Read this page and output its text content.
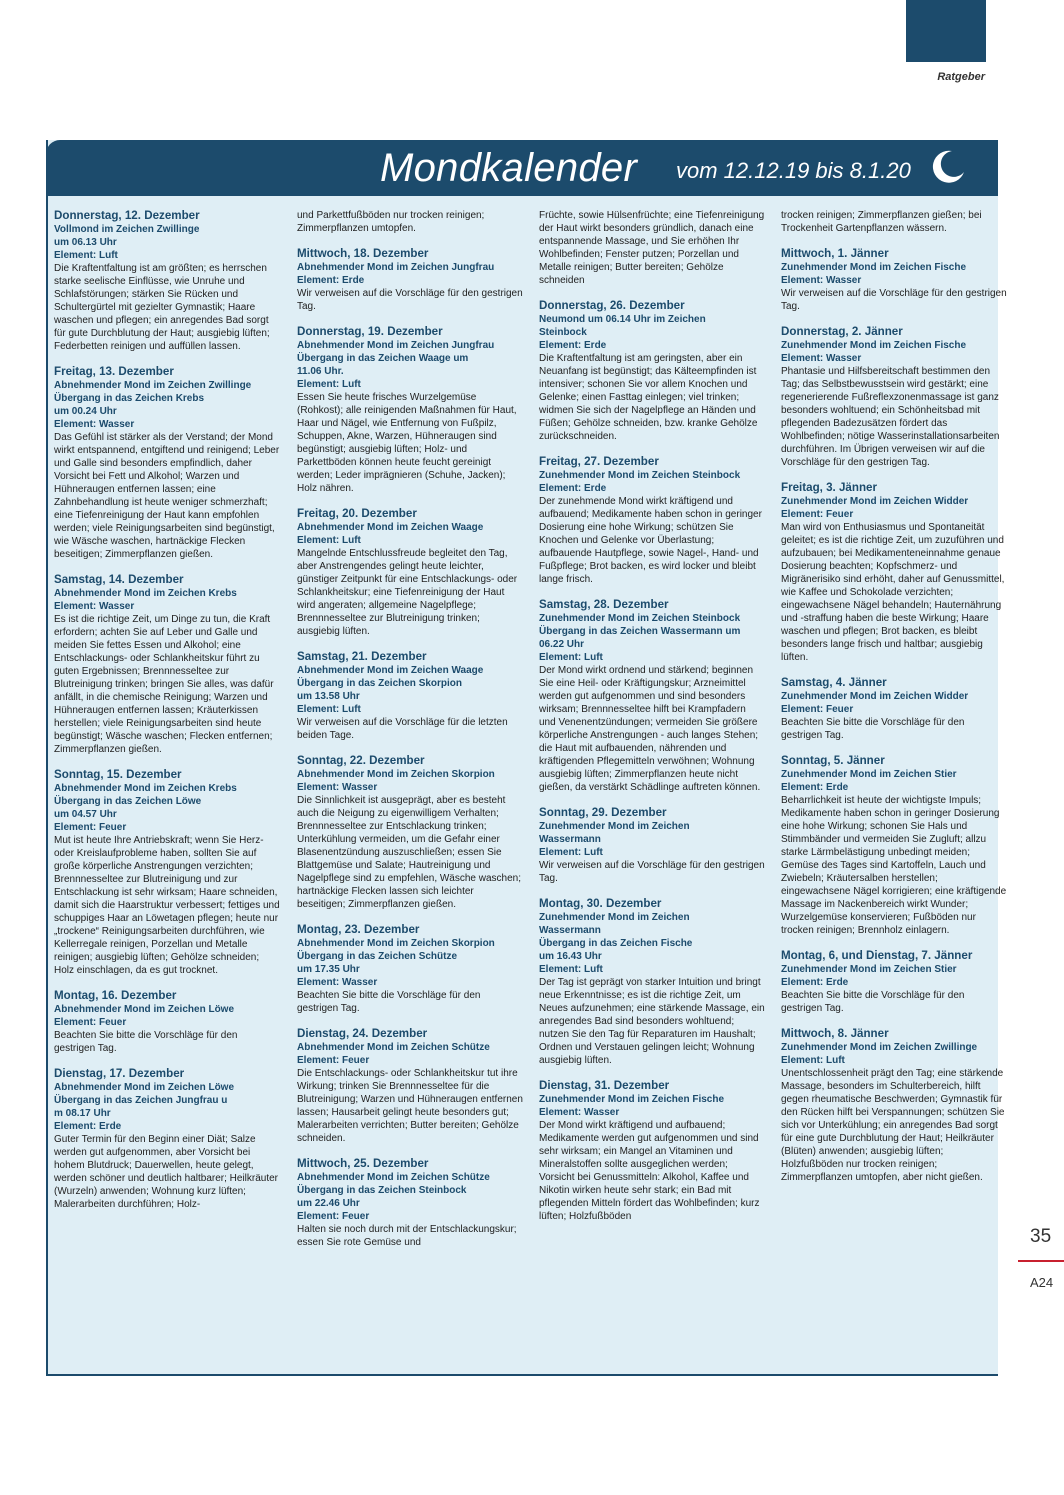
Ratgeber
Mondkalender vom 12.12.19 bis 8.1.20
Donnerstag, 12. Dezember
Vollmond im Zeichen Zwillinge
um 06.13 Uhr
Element: Luft
Die Kraftentfaltung ist am größten; es herrschen starke seelische Einflüsse, wie Unruhe und Schlafstörungen; stärken Sie Rücken und Schultergürtel mit gezielter Gymnastik; Haare waschen und pflegen; ein anregendes Bad sorgt für gute Durchblutung der Haut; ausgiebig lüften; Federbetten reinigen und auffüllen lassen.
Freitag, 13. Dezember
Abnehmender Mond im Zeichen Zwillinge
Übergang in das Zeichen Krebs
um 00.24 Uhr
Element: Wasser
Das Gefühl ist stärker als der Verstand; der Mond wirkt entspannend, entgiftend und reinigend; Leber und Galle sind besonders empfindlich, daher Vorsicht bei Fett und Alkohol; Warzen und Hühneraugen entfernen lassen; eine Zahnbehandlung ist heute weniger schmerzhaft; eine Tiefenreinigung der Haut kann empfohlen werden; viele Reinigungsarbeiten sind begünstigt, wie Wäsche waschen, hartnäckige Flecken beseitigen; Zimmerpflanzen gießen.
Samstag, 14. Dezember
Abnehmender Mond im Zeichen Krebs
Element: Wasser
Es ist die richtige Zeit, um Dinge zu tun, die Kraft erfordern; achten Sie auf Leber und Galle und meiden Sie fettes Essen und Alkohol; eine Entschlackungs- oder Schlankheitskur führt zu guten Ergebnissen; Brennnesseltee zur Blutreinigung trinken; bringen Sie alles, was dafür anfällt, in die chemische Reinigung; Warzen und Hühneraugen entfernen lassen; Kräuterkissen herstellen; viele Reinigungsarbeiten sind heute begünstigt; Wäsche waschen; Flecken entfernen; Zimmerpflanzen gießen.
Sonntag, 15. Dezember
Abnehmender Mond im Zeichen Krebs
Übergang in das Zeichen Löwe
um 04.57 Uhr
Element: Feuer
Mut ist heute Ihre Antriebskraft; wenn Sie Herz- oder Kreislaufprobleme haben, sollten Sie auf große körperliche Anstrengungen verzichten; Brennnesseltee zur Blutreinigung und zur Entschlackung ist sehr wirksam; Haare schneiden, damit sich die Haarstruktur verbessert; fettiges und schuppiges Haar an Löwetagen pflegen; heute nur „trockene“ Reinigungsarbeiten durchführen, wie Kellerregale reinigen, Porzellan und Metalle reinigen; ausgiebig lüften; Gehölze schneiden; Holz einschlagen, da es gut trocknet.
Montag, 16. Dezember
Abnehmender Mond im Zeichen Löwe
Element: Feuer
Beachten Sie bitte die Vorschläge für den gestrigen Tag.
Dienstag, 17. Dezember
Abnehmender Mond im Zeichen Löwe
Übergang in das Zeichen Jungfrau u
m 08.17 Uhr
Element: Erde
Guter Termin für den Beginn einer Diät; Salze werden gut aufgenommen, aber Vorsicht bei hohem Blutdruck; Dauerwellen, heute gelegt, werden schöner und deutlich haltbarer; Heilkräuter (Wurzeln) anwenden; Wohnung kurz lüften; Malerarbeiten durchführen; Holz-
und Parkettfußböden nur trocken reinigen; Zimmerpflanzen umtopfen.
Mittwoch, 18. Dezember
Abnehmender Mond im Zeichen Jungfrau
Element: Erde
Wir verweisen auf die Vorschläge für den gestrigen Tag.
Donnerstag, 19. Dezember
Abnehmender Mond im Zeichen Jungfrau
Übergang in das Zeichen Waage um
11.06 Uhr.
Element: Luft
Essen Sie heute frisches Wurzelgemüse (Rohkost); alle reinigenden Maßnahmen für Haut, Haar und Nägel, wie Entfernung von Fußpilz, Schuppen, Akne, Warzen, Hühneraugen sind begünstigt; ausgiebig lüften; Holz- und Parkettböden können heute feucht gereinigt werden; Leder imprägnieren (Schuhe, Jacken); Holz nähren.
Freitag, 20. Dezember
Abnehmender Mond im Zeichen Waage
Element: Luft
Mangelnde Entschlussfreude begleitet den Tag, aber Anstrengendes gelingt heute leichter, günstiger Zeitpunkt für eine Entschlackungs- oder Schlankheitskur; eine Tiefenreinigung der Haut wird angeraten; allgemeine Nagelpflege; Brennnesseltee zur Blutreinigung trinken; ausgiebig lüften.
Samstag, 21. Dezember
Abnehmender Mond im Zeichen Waage
Übergang in das Zeichen Skorpion
um 13.58 Uhr
Element: Luft
Wir verweisen auf die Vorschläge für die letzten beiden Tage.
Sonntag, 22. Dezember
Abnehmender Mond im Zeichen Skorpion
Element: Wasser
Die Sinnlichkeit ist ausgeprägt, aber es besteht auch die Neigung zu eigenwilligem Verhalten; Brennnesseltee zur Entschlackung trinken; Unterkühlung vermeiden, um die Gefahr einer Blasenentzündung auszuschließen; essen Sie Blattgemüse und Salate; Hautreinigung und Nagelpflege sind zu empfehlen, Wäsche waschen; hartnäckige Flecken lassen sich leichter beseitigen; Zimmerpflanzen gießen.
Montag, 23. Dezember
Abnehmender Mond im Zeichen Skorpion
Übergang in das Zeichen Schütze
um 17.35 Uhr
Element: Wasser
Beachten Sie bitte die Vorschläge für den gestrigen Tag.
Dienstag, 24. Dezember
Abnehmender Mond im Zeichen Schütze
Element: Feuer
Die Entschlackungs- oder Schlankheitskur tut ihre Wirkung; trinken Sie Brennnesseltee für die Blutreinigung; Warzen und Hühneraugen entfernen lassen; Hausarbeit gelingt heute besonders gut; Malerarbeiten verrichten; Butter bereiten; Gehölze schneiden.
Mittwoch, 25. Dezember
Abnehmender Mond im Zeichen Schütze
Übergang in das Zeichen Steinbock
um 22.46 Uhr
Element: Feuer
Halten sie noch durch mit der Entschlackungskur; essen Sie rote Gemüse und
Früchte, sowie Hülsenfrüchte; eine Tiefenreinigung der Haut wirkt besonders gründlich, danach eine entspannende Massage, und Sie erhöhen Ihr Wohlbefinden; Fenster putzen; Porzellan und Metalle reinigen; Butter bereiten; Gehölze schneiden
Donnerstag, 26. Dezember
Neumond um 06.14 Uhr im Zeichen
Steinbock
Element: Erde
Die Kraftentfaltung ist am geringsten, aber ein Neuanfang ist begünstigt; das Kälteempfinden ist intensiver; schonen Sie vor allem Knochen und Gelenke; einen Fasttag einlegen; viel trinken; widmen Sie sich der Nagelpflege an Händen und Füßen; Gehölze schneiden, bzw. kranke Gehölze zurückschneiden.
Freitag, 27. Dezember
Zunehmender Mond im Zeichen Steinbock
Element: Erde
Der zunehmende Mond wirkt kräftigend und aufbauend; Medikamente haben schon in geringer Dosierung eine hohe Wirkung; schützen Sie Knochen und Gelenke vor Überlastung; aufbauende Hautpflege, sowie Nagel-, Hand- und Fußpflege; Brot backen, es wird locker und bleibt lange frisch.
Samstag, 28. Dezember
Zunehmender Mond im Zeichen Steinbock
Übergang in das Zeichen Wassermann um
06.22 Uhr
Element: Luft
Der Mond wirkt ordnend und stärkend; beginnen Sie eine Heil- oder Kräftigungskur; Arzneimittel werden gut aufgenommen und sind besonders wirksam; Brennnesseltee hilft bei Krampfadern und Venenentzündungen; vermeiden Sie größere körperliche Anstrengungen - auch langes Stehen; die Haut mit aufbauenden, nährenden und kräftigenden Pflegemitteln verwöhnen; Wohnung ausgiebig lüften; Zimmerpflanzen heute nicht gießen, da verstärkt Schädlinge auftreten können.
Sonntag, 29. Dezember
Zunehmender Mond im Zeichen
Wassermann
Element: Luft
Wir verweisen auf die Vorschläge für den gestrigen Tag.
Montag, 30. Dezember
Zunehmender Mond im Zeichen
Wassermann
Übergang in das Zeichen Fische
um 16.43 Uhr
Element: Luft
Der Tag ist geprägt von starker Intuition und bringt neue Erkenntnisse; es ist die richtige Zeit, um Neues aufzunehmen; eine stärkende Massage, ein anregendes Bad sind besonders wohltuend; nutzen Sie den Tag für Reparaturen im Haushalt; Ordnen und Verstauen gelingen leicht; Wohnung ausgiebig lüften.
Dienstag, 31. Dezember
Zunehmender Mond im Zeichen Fische
Element: Wasser
Der Mond wirkt kräftigend und aufbauend; Medikamente werden gut aufgenommen und sind sehr wirksam; ein Mangel an Vitaminen und Mineralstoffen sollte ausgeglichen werden; Vorsicht bei Genussmitteln: Alkohol, Kaffee und Nikotin wirken heute sehr stark; ein Bad mit pflegenden Mitteln fördert das Wohlbefinden; kurz lüften; Holzfußböden
trocken reinigen; Zimmerpflanzen gießen; bei Trockenheit Gartenpflanzen wässern.
Mittwoch, 1. Jänner
Zunehmender Mond im Zeichen Fische
Element: Wasser
Wir verweisen auf die Vorschläge für den gestrigen Tag.
Donnerstag, 2. Jänner
Zunehmender Mond im Zeichen Fische
Element: Wasser
Phantasie und Hilfsbereitschaft bestimmen den Tag; das Selbstbewusstsein wird gestärkt; eine regenerierende Fußreflexzonenmassage ist ganz besonders wohltuend; ein Schönheitsbad mit pflegenden Badezusätzen fördert das Wohlbefinden; nötige Wasserinstallationsarbeiten durchführen. Im Übrigen verweisen wir auf die Vorschläge für den gestrigen Tag.
Freitag, 3. Jänner
Zunehmender Mond im Zeichen Widder
Element: Feuer
Man wird von Enthusiasmus und Spontaneität geleitet; es ist die richtige Zeit, um zuzuführen und aufzubauen; bei Medikamenteneinnahme genaue Dosierung beachten; Kopfschmerz- und Migränerisiko sind erhöht, daher auf Genussmittel, wie Kaffee und Schokolade verzichten; eingewachsene Nägel behandeln; Hauternährung und -straffung haben die beste Wirkung; Haare waschen und pflegen; Brot backen, es bleibt besonders lange frisch und haltbar; ausgiebig lüften.
Samstag, 4. Jänner
Zunehmender Mond im Zeichen Widder
Element: Feuer
Beachten Sie bitte die Vorschläge für den gestrigen Tag.
Sonntag, 5. Jänner
Zunehmender Mond im Zeichen Stier
Element: Erde
Beharrlichkeit ist heute der wichtigste Impuls; Medikamente haben schon in geringer Dosierung eine hohe Wirkung; schonen Sie Hals und Stimmbänder und vermeiden Sie Zugluft; allzu starke Lärmbelästigung unbedingt meiden; Gemüse des Tages sind Kartoffeln, Lauch und Zwiebeln; Kräutersalben herstellen; eingewachsene Nägel korrigieren; eine kräftigende Massage im Nackenbereich wirkt Wunder; Wurzelgemüse konservieren; Fußböden nur trocken reinigen; Brennholz einlagern.
Montag, 6, und Dienstag, 7. Jänner
Zunehmender Mond im Zeichen Stier
Element: Erde
Beachten Sie bitte die Vorschläge für den gestrigen Tag.
Mittwoch, 8. Jänner
Zunehmender Mond im Zeichen Zwillinge
Element: Luft
Unentschlossenheit prägt den Tag; eine stärkende Massage, besonders im Schulterbereich, hilft gegen rheumatische Beschwerden; Gymnastik für den Rücken hilft bei Verspannungen; schützen Sie sich vor Unterkühlung; ein anregendes Bad sorgt für eine gute Durchblutung der Haut; Heilkräuter (Blüten) anwenden; ausgiebig lüften; Holzfußböden nur trocken reinigen; Zimmerpflanzen umtopfen, aber nicht gießen.
35
A24
